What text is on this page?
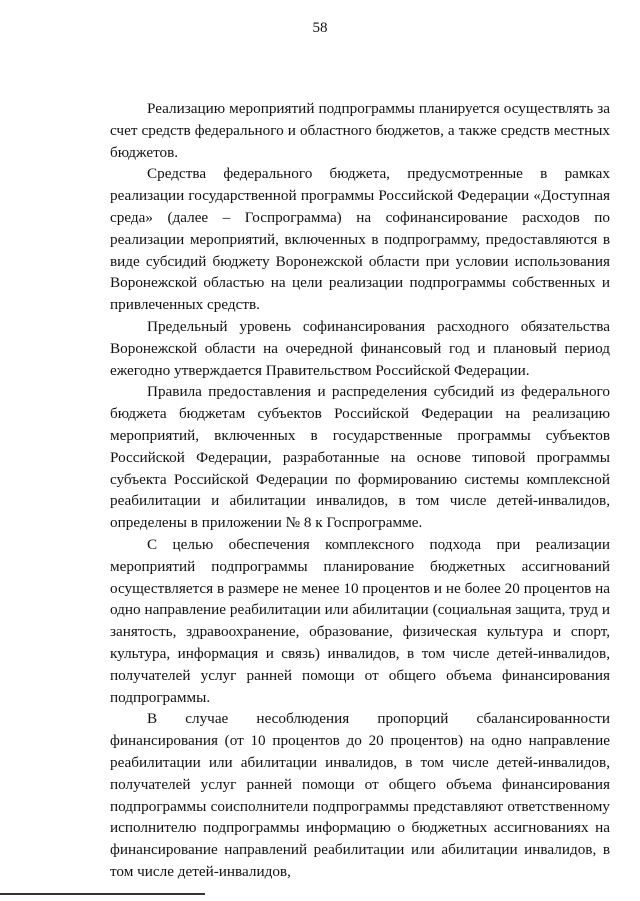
58

Реализацию мероприятий подпрограммы планируется осуществлять за счет средств федерального и областного бюджетов, а также средств местных бюджетов.

Средства федерального бюджета, предусмотренные в рамках реализации государственной программы Российской Федерации «Доступная среда» (далее – Госпрограмма) на софинансирование расходов по реализации мероприятий, включенных в подпрограмму, предоставляются в виде субсидий бюджету Воронежской области при условии использования Воронежской областью на цели реализации подпрограммы собственных и привлеченных средств.

Предельный уровень софинансирования расходного обязательства Воронежской области на очередной финансовый год и плановый период ежегодно утверждается Правительством Российской Федерации.

Правила предоставления и распределения субсидий из федерального бюджета бюджетам субъектов Российской Федерации на реализацию мероприятий, включенных в государственные программы субъектов Российской Федерации, разработанные на основе типовой программы субъекта Российской Федерации по формированию системы комплексной реабилитации и абилитации инвалидов, в том числе детей-инвалидов, определены в приложении № 8 к Госпрограмме.

С целью обеспечения комплексного подхода при реализации мероприятий подпрограммы планирование бюджетных ассигнований осуществляется в размере не менее 10 процентов и не более 20 процентов на одно направление реабилитации или абилитации (социальная защита, труд и занятость, здравоохранение, образование, физическая культура и спорт, культура, информация и связь) инвалидов, в том числе детей-инвалидов, получателей услуг ранней помощи от общего объема финансирования подпрограммы.

В случае несоблюдения пропорций сбалансированности финансирования (от 10 процентов до 20 процентов) на одно направление реабилитации или абилитации инвалидов, в том числе детей-инвалидов, получателей услуг ранней помощи от общего объема финансирования подпрограммы соисполнители подпрограммы представляют ответственному исполнителю подпрограммы информацию о бюджетных ассигнованиях на финансирование направлений реабилитации или абилитации инвалидов, в том числе детей-инвалидов,
